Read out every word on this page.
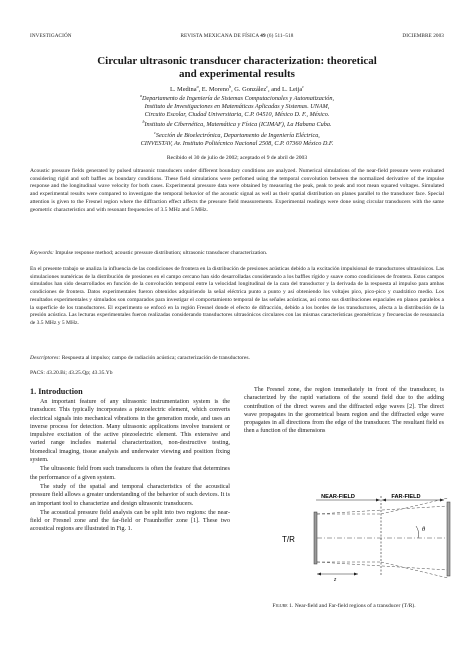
INVESTIGACIÓN	REVISTA MEXICANA DE FÍSICA 49 (6) 511–518	DICIEMBRE 2003
Circular ultrasonic transducer characterization: theoretical
and experimental results
L. Medina$^a$, E. Moreno$^b$, G. González$^c$, and L. Leija$^c$
$^a$Departamento de Ingeniería de Sistemas Computacionales y Automatización,
Instituto de Investigaciones en Matemáticas Aplicadas y Sistemas. UNAM,
Circuito Escolar, Ciudad Universitaria, C.P. 04510, México D. F., México.
$^b$Instituto de Cibernética, Matemática y Física (ICIMAF), La Habana Cuba.
$^c$Sección de Bioelectrónica, Departamento de Ingeniería Eléctrica,
CINVESTAV, Av. Instituto Politécnico Nacional 2508, C.P. 07360 México D.F.
Recibido el 30 de julio de 2002; aceptado el 9 de abril de 2003
Acoustic pressure fields generated by pulsed ultrasonic transducers under different boundary conditions are analyzed. Numerical simulations of the near-field pressure were evaluated considering rigid and soft baffles as boundary conditions. These field simulations were perfomed using the temporal convolution between the normalized derivative of the impulse response and the longitudinal wave velocity for both cases. Experimental pressure data were obtained by measuring the peak, peak to peak and root mean squared voltages. Simulated and experimental results were compared to investigate the temporal behavior of the acoustic signal as well as their spatial distribution on planes parallel to the transducer face. Special attention is given to the Fresnel region where the diffraction effect affects the pressure field measurements. Experimental readings were done using circular transducers with the same geometric characteristics and with resonant frequencies of 3.5 MHz and 5 MHz.
Keywords: Impulse response method; acoustic pressure distribution; ultrasonic transducer characterization.
En el presente trabajo se analiza la influencia de las condiciones de frontera en la distribución de presiones acústicas debido a la excitación impulsional de transductores ultrasónicos. Las simulaciones numéricas de la distribución de presiones en el campo cercano han sido desarrolladas considerando a los baffles rígido y suave como condiciones de frontera. Estos campos simulados han sido desarrollados en función de la convolución temporal entre la velocidad longitudinal de la cara del transductor y la derivada de la respuesta al impulso para ambas condiciones de frontera. Datos experimentales fueron obtenidos adquiriendo la señal eléctrica punto a punto y así obteniendo los voltajes pico, pico-pico y cuadrático medio. Los resultados experimentales y simulados son comparados para investigar el comportamiento temporal de las señales acústicas, así como sus distribuciones espaciales en planos paralelos a la superficie de los transductores. El experimento se enfocó en la región Fresnel donde el efecto de difracción, debido a los bordes de los transductores, afecta a la distribución de la presión acústica. Las lecturas experimentales fueron realizadas considerando transductores ultrasónicos circulares con las mismas características geométricas y frecuencias de resonancia de 3.5 MHz y 5 MHz.
Descriptores: Respuesta al impulso; campo de radiación acústica; caracterización de transductores.
PACS: 43.20.Bi; 43.25.Qp; 43.35.Yb
1. Introduction

An important feature of any ultrasonic instrumentation system is the transducer. This typically incorporates a piezoelectric element, which converts electrical signals into mechanical vibrations in the generation mode, and uses an inverse process for detection. Many ultrasonic applications involve transient or impulsive excitation of the active piezoelectric element. This extensive and varied range includes material characterization, non-destructive testing, biomedical imaging, tissue analysis and underwater viewing and position fixing system.

The ultrasonic field from such transducers is often the feature that determines the performance of a given system.

The study of the spatial and temporal characteristics of the acoustical pressure field allows a greater understanding of the behavior of such devices. It is an important tool to characterize and design ultrasonic transducers.

The acoustical pressure field analysis can be split into two regions: the near-field or Fresnel zone and the far-field or Fraunhoffer zone [1]. These two acoustical regions are illustrated in Fig. 1.

The Fresnel zone, the region immediately in front of the transducer, is characterized by the rapid variations of the sound field due to the adding contribution of the direct waves and the diffracted edge waves [2]. The direct wave propagates in the geometrical beam region and the diffracted edge wave propagates in all directions from the edge of the transducer. The resultant field es then a function of the dimensions

NEAR-FIELD	FAR-FIELD
T/R
θ
z
Figure 1. Near-field and Far-field regions of a transducer (T/R).
